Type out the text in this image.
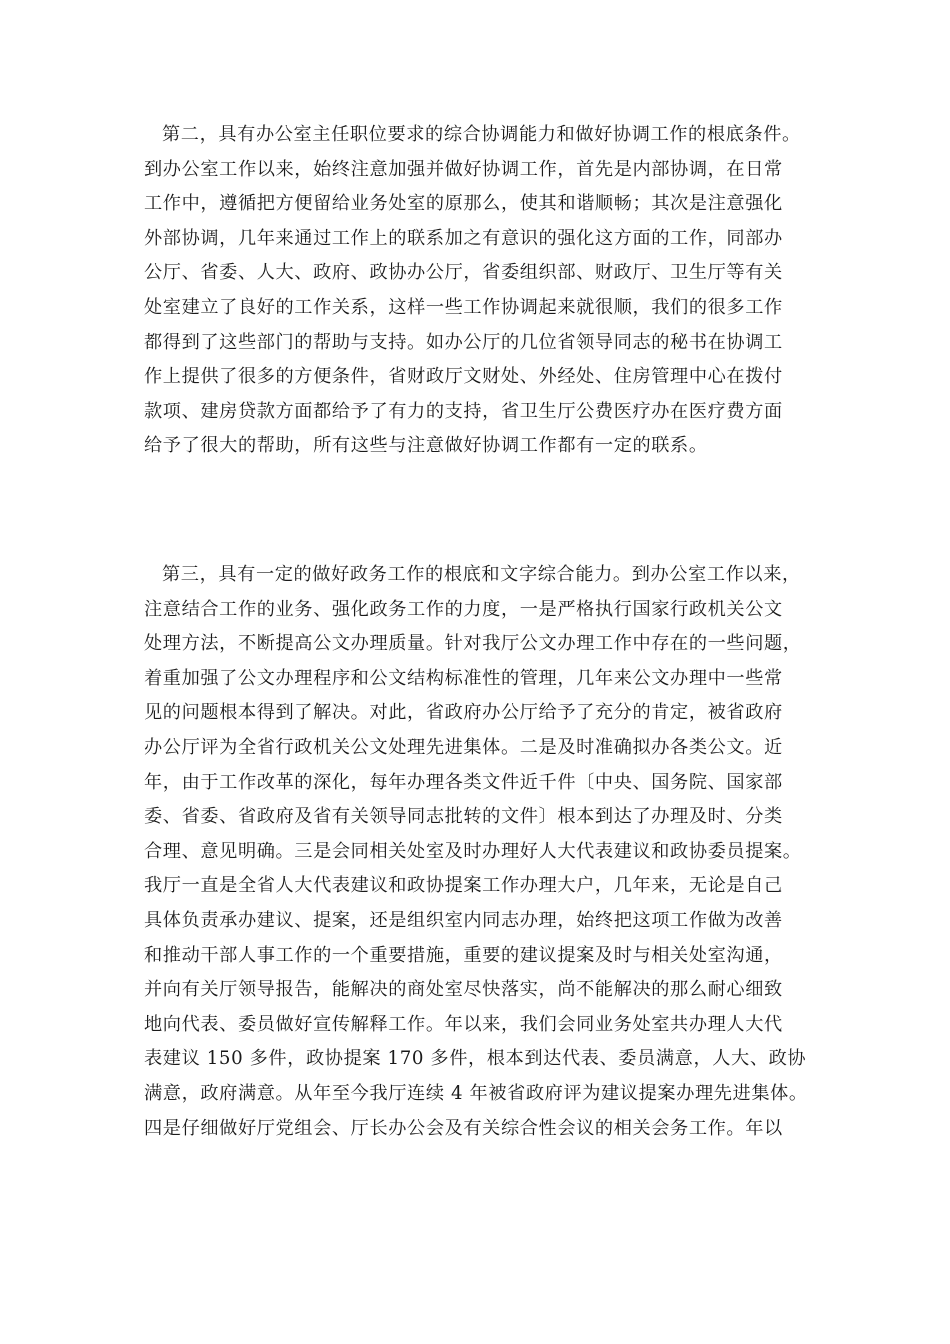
第二，具有办公室主任职位要求的综合协调能力和做好协调工作的根底条件。
到办公室工作以来，始终注意加强并做好协调工作，首先是内部协调，在日常
工作中，遵循把方便留给业务处室的原那么，使其和谐顺畅；其次是注意强化
外部协调，几年来通过工作上的联系加之有意识的强化这方面的工作，同部办
公厅、省委、人大、政府、政协办公厅，省委组织部、财政厅、卫生厅等有关
处室建立了良好的工作关系，这样一些工作协调起来就很顺，我们的很多工作
都得到了这些部门的帮助与支持。如办公厅的几位省领导同志的秘书在协调工
作上提供了很多的方便条件，省财政厅文财处、外经处、住房管理中心在拨付
款项、建房贷款方面都给予了有力的支持，省卫生厅公费医疗办在医疗费方面
给予了很大的帮助，所有这些与注意做好协调工作都有一定的联系。
第三，具有一定的做好政务工作的根底和文字综合能力。到办公室工作以来，
注意结合工作的业务、强化政务工作的力度，一是严格执行国家行政机关公文
处理方法，不断提高公文办理质量。针对我厅公文办理工作中存在的一些问题，
着重加强了公文办理程序和公文结构标准性的管理，几年来公文办理中一些常
见的问题根本得到了解决。对此，省政府办公厅给予了充分的肯定，被省政府
办公厅评为全省行政机关公文处理先进集体。二是及时准确拟办各类公文。近
年，由于工作改革的深化，每年办理各类文件近千件〔中央、国务院、国家部
委、省委、省政府及省有关领导同志批转的文件〕根本到达了办理及时、分类
合理、意见明确。三是会同相关处室及时办理好人大代表建议和政协委员提案。
我厅一直是全省人大代表建议和政协提案工作办理大户，几年来，无论是自己
具体负责承办建议、提案，还是组织室内同志办理，始终把这项工作做为改善
和推动干部人事工作的一个重要措施，重要的建议提案及时与相关处室沟通，
并向有关厅领导报告，能解决的商处室尽快落实，尚不能解决的那么耐心细致
地向代表、委员做好宣传解释工作。年以来，我们会同业务处室共办理人大代
表建议 150 多件，政协提案 170 多件，根本到达代表、委员满意，人大、政协
满意，政府满意。从年至今我厅连续 4 年被省政府评为建议提案办理先进集体。
四是仔细做好厅党组会、厅长办公会及有关综合性会议的相关会务工作。年以
